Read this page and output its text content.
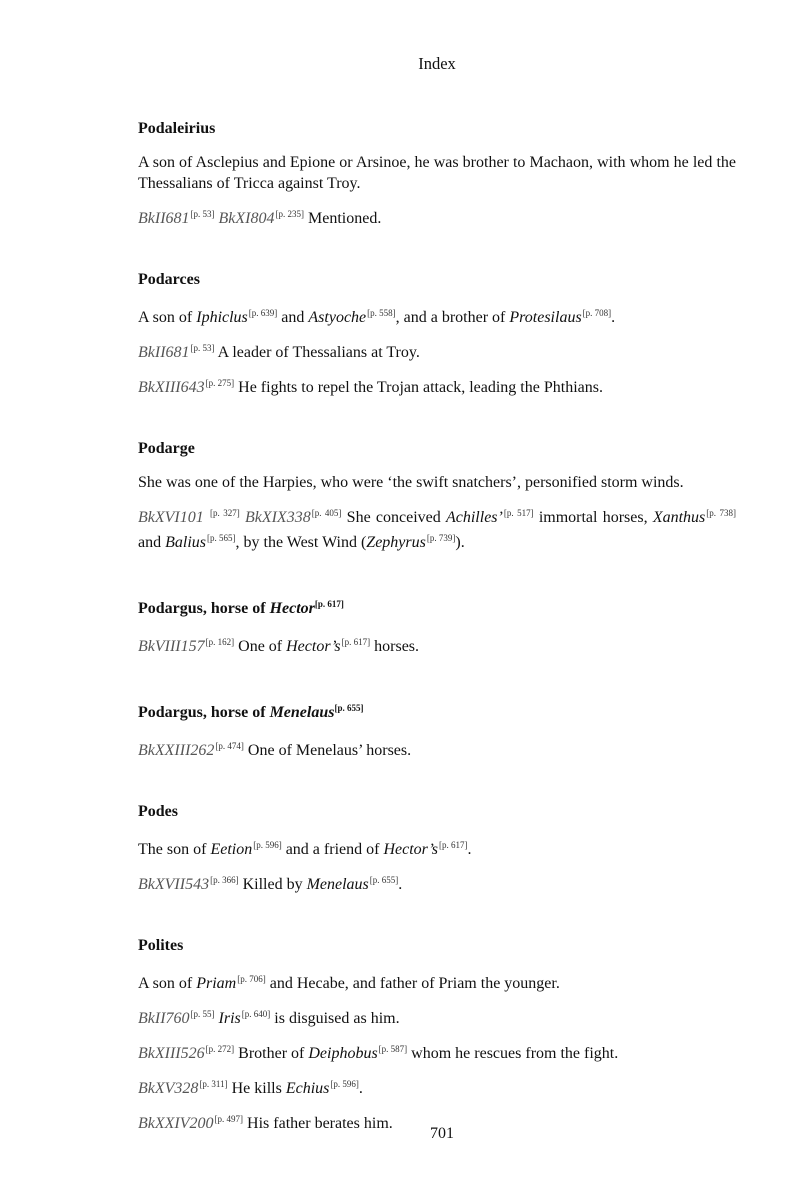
Index
Podaleirius

A son of Asclepius and Epione or Arsinoe, he was brother to Machaon, with whom he led the Thessalians of Tricca against Troy.

BkII681[p. 53] BkXI804[p. 235] Mentioned.

Podarces

A son of Iphiclus[p. 639] and Astyoche[p. 558], and a brother of Protesilaus[p. 708].

BkII681[p. 53] A leader of Thessalians at Troy.

BkXIII643[p. 275] He fights to repel the Trojan attack, leading the Phthians.

Podarge

She was one of the Harpies, who were ‘the swift snatchers’, personified storm winds.

BkXVI101 [p. 327] BkXIX338[p. 405] She conceived Achilles’[p. 517] immortal horses, Xanthus[p. 738] and Balius[p. 565], by the West Wind (Zephyrus[p. 739]).

Podargus, horse of Hector[p. 617]

BkVIII157[p. 162] One of Hector’s[p. 617] horses.

Podargus, horse of Menelaus[p. 655]

BkXXIII262[p. 474] One of Menelaus’ horses.

Podes

The son of Eetion[p. 596] and a friend of Hector’s[p. 617].

BkXVII543[p. 366] Killed by Menelaus[p. 655].

Polites

A son of Priam[p. 706] and Hecabe, and father of Priam the younger.

BkII760[p. 55] Iris[p. 640] is disguised as him.

BkXIII526[p. 272] Brother of Deiphobus[p. 587] whom he rescues from the fight.

BkXV328[p. 311] He kills Echius[p. 596].

BkXXIV200[p. 497] His father berates him.

701
